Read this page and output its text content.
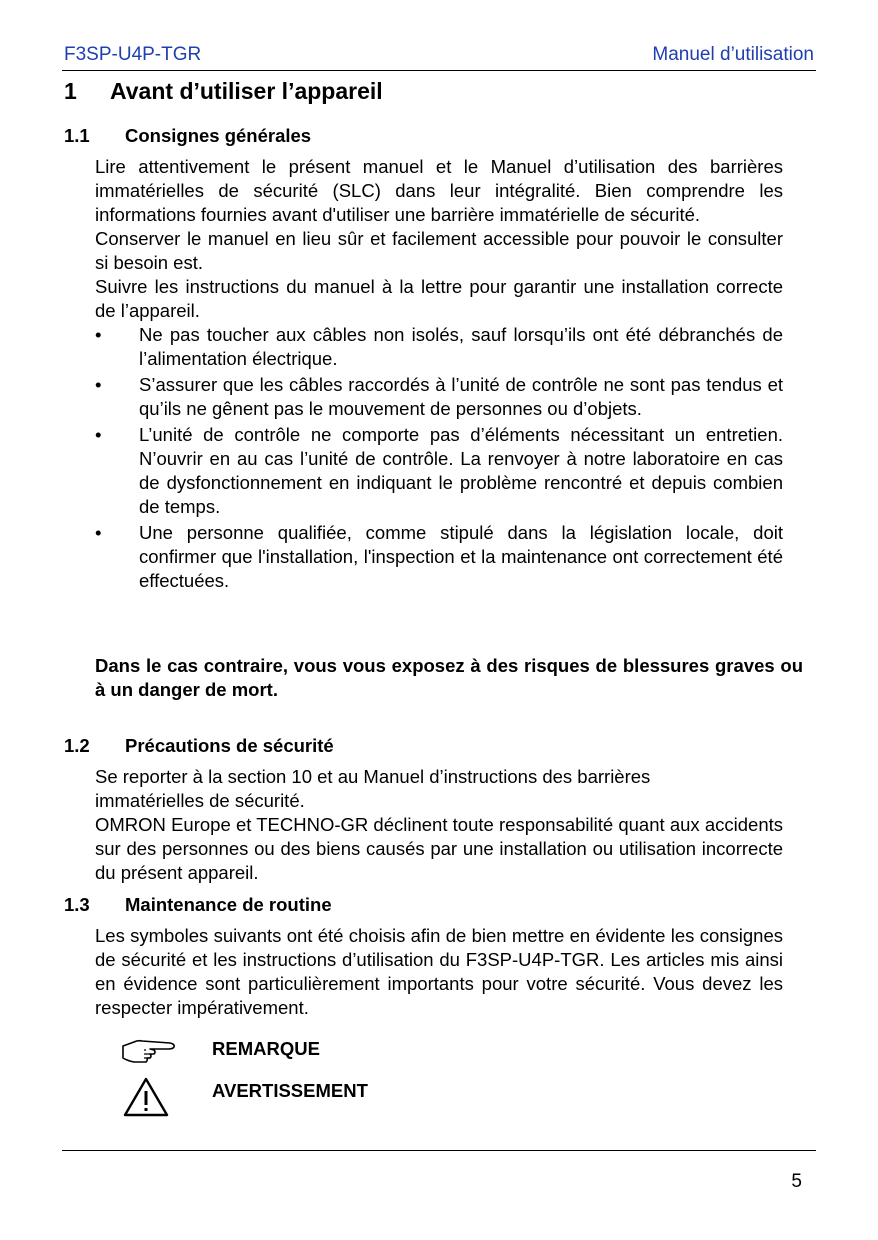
F3SP-U4P-TGR	Manuel d’utilisation
1 Avant d’utiliser l’appareil
1.1 Consignes générales

Lire attentivement le présent manuel et le Manuel d’utilisation des barrières immatérielles de sécurité (SLC) dans leur intégralité. Bien comprendre les informations fournies avant d'utiliser une barrière immatérielle de sécurité.

Conserver le manuel en lieu sûr et facilement accessible pour pouvoir le consulter si besoin est.

Suivre les instructions du manuel à la lettre pour garantir une installation correcte de l’appareil.

• Ne pas toucher aux câbles non isolés, sauf lorsqu’ils ont été débranchés de l’alimentation électrique.
• S’assurer que les câbles raccordés à l’unité de contrôle ne sont pas tendus et qu’ils ne gênent pas le mouvement de personnes ou d’objets.
• L’unité de contrôle ne comporte pas d’éléments nécessitant un entretien. N’ouvrir en au cas l’unité de contrôle. La renvoyer à notre laboratoire en cas de dysfonctionnement en indiquant le problème rencontré et depuis combien de temps.
• Une personne qualifiée, comme stipulé dans la législation locale, doit confirmer que l'installation, l'inspection et la maintenance ont correctement été effectuées.
Dans le cas contraire, vous vous exposez à des risques de blessures graves ou à un danger de mort.
1.2 Précautions de sécurité

Se reporter à la section 10 et au Manuel d’instructions des barrières immatérielles de sécurité.

OMRON Europe et TECHNO-GR déclinent toute responsabilité quant aux accidents sur des personnes ou des biens causés par une installation ou utilisation incorrecte du présent appareil.

1.3 Maintenance de routine

Les symboles suivants ont été choisis afin de bien mettre en évidente les consignes de sécurité et les instructions d’utilisation du F3SP-U4P-TGR. Les articles mis ainsi en évidence sont particulièrement importants pour votre sécurité. Vous devez les respecter impérativement.

REMARQUE
AVERTISSEMENT
5
